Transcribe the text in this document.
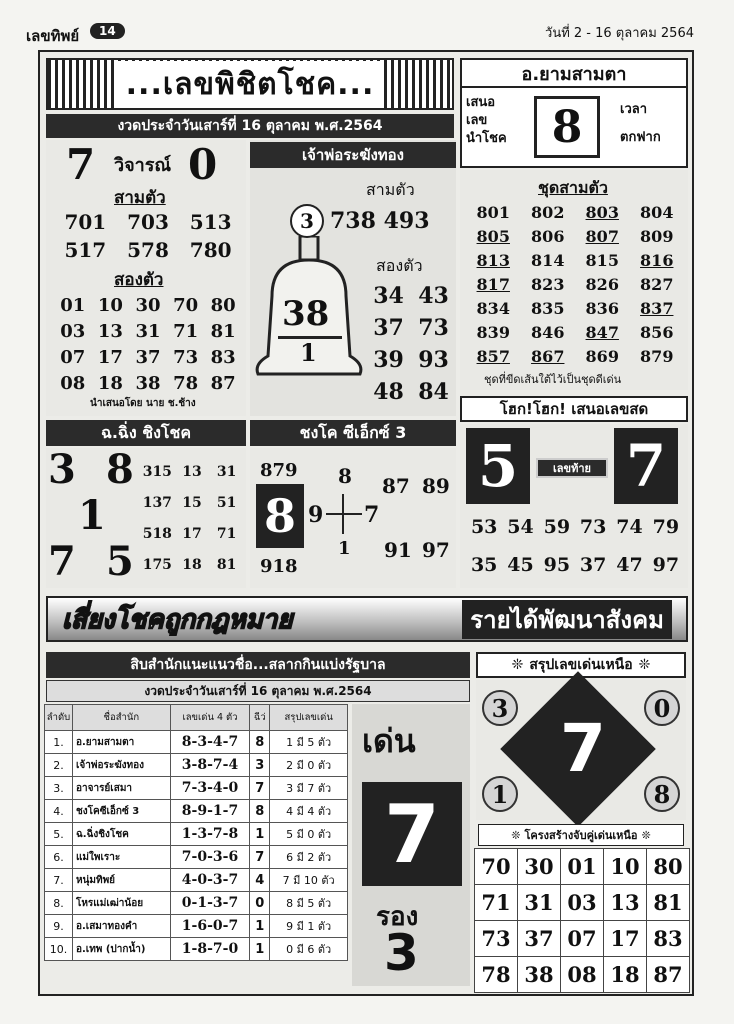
เลขทิพย์	14	วันที่ 2 - 16 ตุลาคม 2564
...เลขพิชิตโชค...
งวดประจำวันเสาร์ที่ 16 ตุลาคม พ.ศ.2564
7 วิจารณ์ 0
สามตัว
701	703	513
517	578	780
สองตัว
01 10 30 70 80
03 13 31 71 81
07 17 37 73 83
08 18 38 78 87
นำเสนอโดย นาย ช.ช้าง
เจ้าพ่อระฆังทอง
สามตัว
3 738 493
38
1
สองตัว
34 43
37 73
39 93
48 84
อ.ยามสามตา
เสนอ
เลข
นำโชค 8	เวลา
ตกฟาก
ชุดสามตัว
801	802	803	804
805	806	807	809
813	814	815	816
817	823	826	827
834	835	836	837
839	846	847	856
857	867	869	879
ชุดที่ขีดเส้นใต้ไว้เป็นชุดดีเด่น
โฮก!โฮก! เสนอเลขสด
5	เลขท้าย 7
53 54 59 73 74 79
35 45 95 37 47 97
ฉ.ฉิ่ง ชิงโชค
3 8
1
7 5
315 13	31
137 15	51
518 17	71
175 18	81
ชงโค ซีเอ็กซ์ 3
879 8 87 89
8 9 7
1
918
91 97
เสี่ยงโชคถูกกฎหมาย	รายได้พัฒนาสังคม
สิบสำนักแนะแนวชื่อ...สลากกินแบ่งรัฐบาล
งวดประจำวันเสาร์ที่ 16 ตุลาคม พ.ศ.2564
ลำดับ	ชื่อสำนัก	เลขเด่น 4 ตัว	ฉีว่	สรุปเลขเด่น
1.	อ.ยามสามตา	8-3-4-7	8	1 มี 5 ตัว
2.	เจ้าพ่อระฆังทอง	3-8-7-4	3	2 มี 0 ตัว
3.	อาจารย์เสมา	7-3-4-0	7	3 มี 7 ตัว
4.	ชงโคซีเอ็กซ์ 3	8-9-1-7	8	4 มี 4 ตัว
5.	ฉ.ฉิ่งชิงโชค	1-3-7-8	1	5 มี 0 ตัว
6.	แม่ใพเราะ	7-0-3-6	7	6 มี 2 ตัว
7.	หนุ่มทิพย์	4-0-3-7	4	7 มี 10 ตัว
8.	โหรแม่เฒ่าน้อย	0-1-3-7	0	8 มี 5 ตัว
9.	อ.เสมาทองคำ	1-6-0-7	1	9 มี 1 ตัว
10.	อ.เทพ (ปากน้ำ)	1-8-7-0	1	0 มี 6 ตัว
เด่น
7
รอง
3
❊ สรุปเลขเด่นเหนือ ❊
7
3	0
1	8
❊ โครงสร้างจับคู่เด่นเหนือ ❊
70	30	01	10	80
71	31	03	13	81
73	37	07	17	83
78	38	08	18	87
